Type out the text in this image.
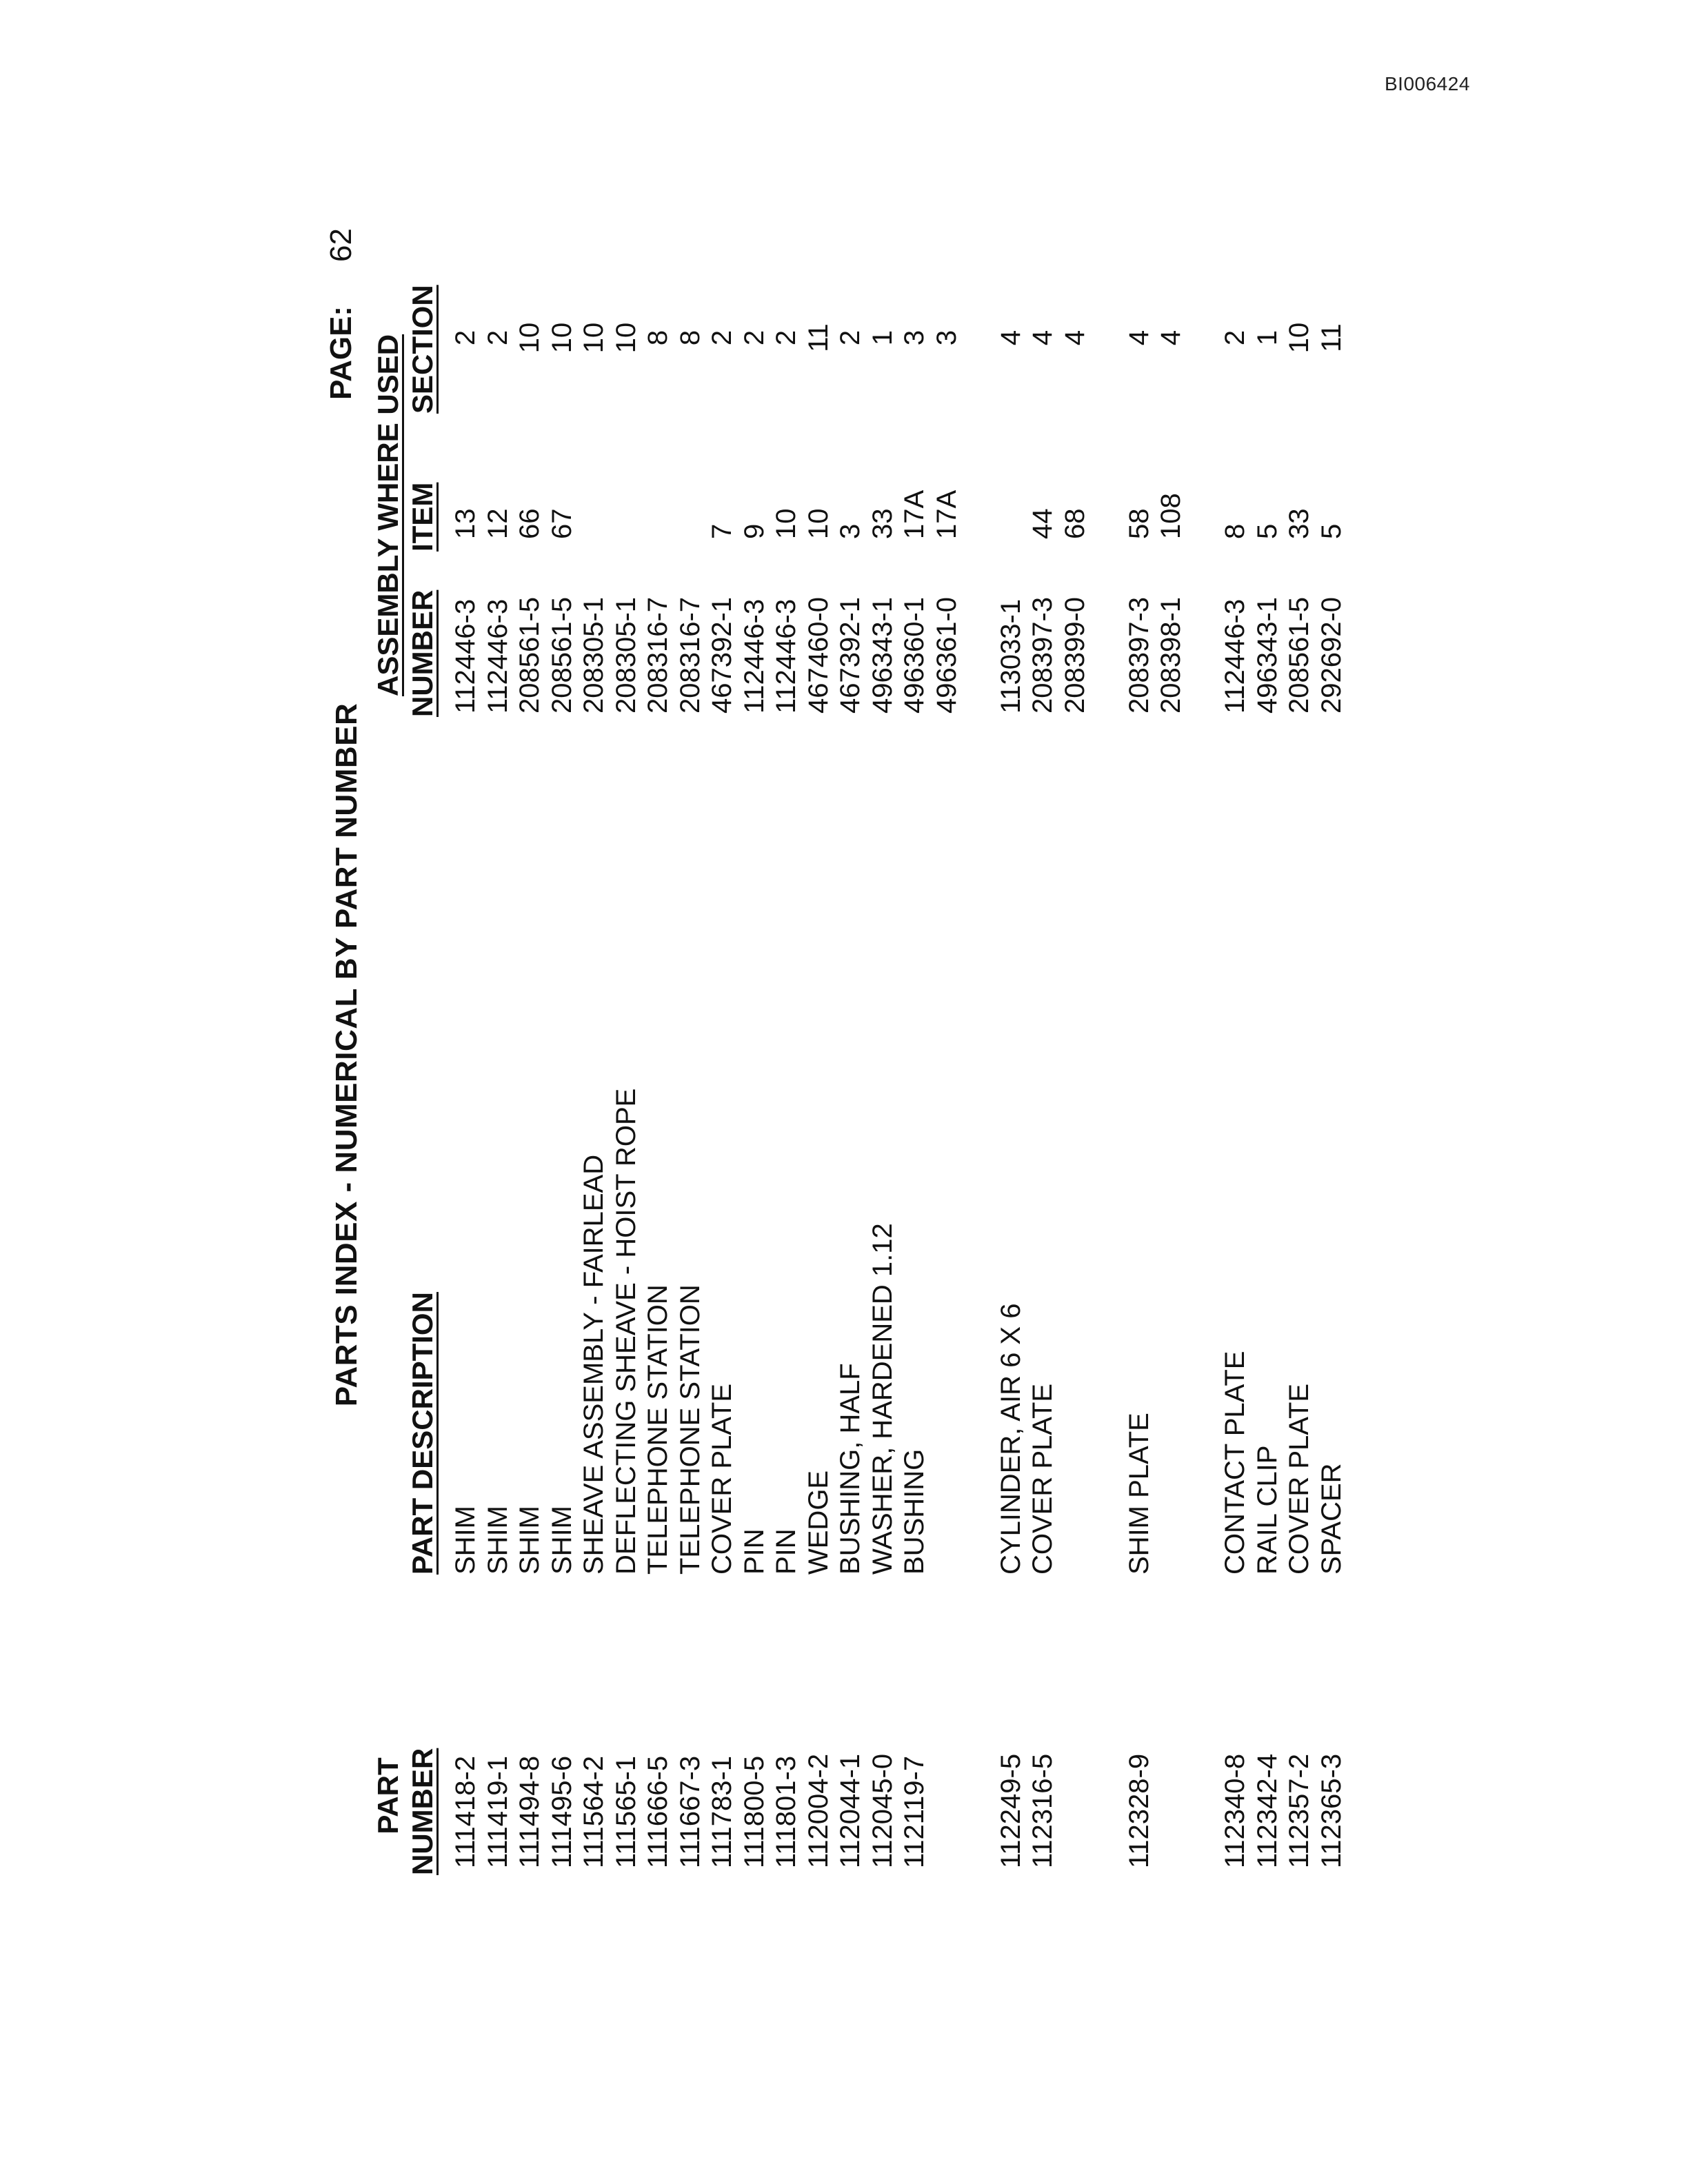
BI006424
PARTS INDEX - NUMERICAL BY PART NUMBER
PAGE:
62
PART NUMBER
PART DESCRIPTION
ASSEMBLY WHERE USED NUMBER
ITEM
SECTION
111418-2
SHIM
112446-3
13
2
111419-1
SHIM
112446-3
12
2
111494-8
SHIM
208561-5
66
10
111495-6
SHIM
208561-5
67
10
111564-2
SHEAVE ASSEMBLY - FAIRLEAD
208305-1
10
111565-1
DEFLECTING SHEAVE - HOIST ROPE
208305-1
10
111666-5
TELEPHONE STATION
208316-7
8
111667-3
TELEPHONE STATION
208316-7
8
111783-1
COVER PLATE
467392-1
7
2
111800-5
PIN
112446-3
9
2
111801-3
PIN
112446-3
10
2
112004-2
WEDGE
467460-0
10
11
112044-1
BUSHING, HALF
467392-1
3
2
112045-0
WASHER, HARDENED 1.12
496343-1
33
1
112119-7
BUSHING
496360-1
17A
3
496361-0
17A
3
112249-5
CYLINDER, AIR 6 X 6
113033-1
4
112316-5
COVER PLATE
208397-3
44
4
208399-0
68
4
112328-9
SHIM PLATE
208397-3
58
4
208398-1
108
4
112340-8
CONTACT PLATE
112446-3
8
2
112342-4
RAIL CLIP
496343-1
5
1
112357-2
COVER PLATE
208561-5
33
10
112365-3
SPACER
292692-0
5
11
